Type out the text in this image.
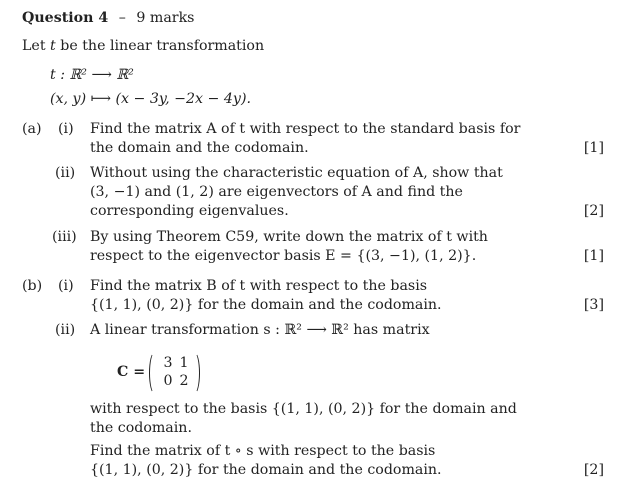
Question 4 – 9 marks
Let t be the linear transformation
t : ℝ² ⟶ ℝ²
(x, y) ⟼ (x − 3y, −2x − 4y).
(a) (i) Find the matrix A of t with respect to the standard basis for
the domain and the codomain.	[1]
(ii) Without using the characteristic equation of A, show that
(3, −1) and (1, 2) are eigenvectors of A and find the
corresponding eigenvalues.	[2]
(iii) By using Theorem C59, write down the matrix of t with
respect to the eigenvector basis E = {(3, −1), (1, 2)}.	[1]
(b) (i) Find the matrix B of t with respect to the basis
{(1, 1), (0, 2)} for the domain and the codomain.	[3]
(ii) A linear transformation s : ℝ² ⟶ ℝ² has matrix
C =
3 1
0 2
with respect to the basis {(1, 1), (0, 2)} for the domain and
the codomain.
Find the matrix of t ∘ s with respect to the basis
{(1, 1), (0, 2)} for the domain and the codomain.	[2]
